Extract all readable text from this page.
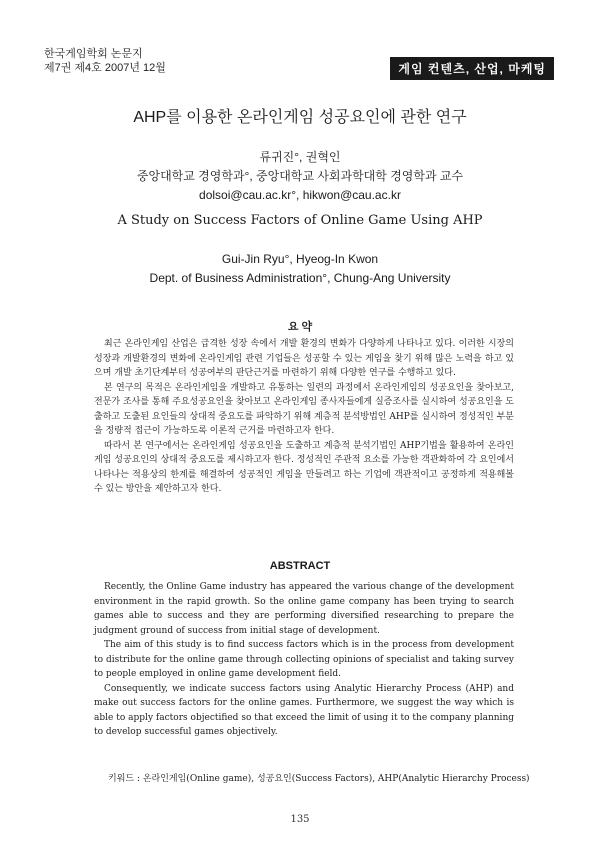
한국게임학회 논문지
제7권 제4호 2007년 12월	게임 컨텐츠, 산업, 마케팅
AHP를 이용한 온라인게임 성공요인에 관한 연구
류귀진°, 권혁인
중앙대학교 경영학과°, 중앙대학교 사회과학대학 경영학과 교수
dolsoi@cau.ac.kr°, hikwon@cau.ac.kr
A Study on Success Factors of Online Game Using AHP
Gui-Jin Ryu°, Hyeog-In Kwon
Dept. of Business Administration°, Chung-Ang University
요 약

최근 온라인게임 산업은 급격한 성장 속에서 개발 환경의 변화가 다양하게 나타나고 있다. 이러한 시장의 성장과 개발환경의 변화에 온라인게임 관련 기업들은 성공할 수 있는 게임을 찾기 위해 많은 노력을 하고 있으며 개발 초기단계부터 성공여부의 판단근거를 마련하기 위해 다양한 연구를 수행하고 있다.

본 연구의 목적은 온라인게임을 개발하고 유통하는 일련의 과정에서 온라인게임의 성공요인을 찾아보고, 전문가 조사를 통해 주요성공요인을 찾아보고 온라인게임 종사자들에게 실증조사를 실시하여 성공요인을 도출하고 도출된 요인들의 상대적 중요도를 파악하기 위해 계층적 분석방법인 AHP를 실시하여 정성적인 부분을 정량적 접근이 가능하도록 이론적 근거를 마련하고자 한다.

따라서 본 연구에서는 온라인게임 성공요인을 도출하고 계층적 분석기법인 AHP기법을 활용하여 온라인게임 성공요인의 상대적 중요도를 제시하고자 한다. 정성적인 주관적 요소를 가능한 객관화하여 각 요인에서 나타나는 적용상의 한계를 해결하여 성공적인 게임을 만들려고 하는 기업에 객관적이고 공정하게 적용해볼 수 있는 방안을 제안하고자 한다.

ABSTRACT

Recently, the Online Game industry has appeared the various change of the development environment in the rapid growth. So the online game company has been trying to search games able to success and they are performing diversified researching to prepare the judgment ground of success from initial stage of development.

The aim of this study is to find success factors which is in the process from development to distribute for the online game through collecting opinions of specialist and taking survey to people employed in online game development field.

Consequently, we indicate success factors using Analytic Hierarchy Process (AHP) and make out success factors for the online games. Furthermore, we suggest the way which is able to apply factors objectified so that exceed the limit of using it to the company planning to develop successful games objectively.

키워드 : 온라인게임(Online game), 성공요인(Success Factors), AHP(Analytic Hierarchy Process)
135
